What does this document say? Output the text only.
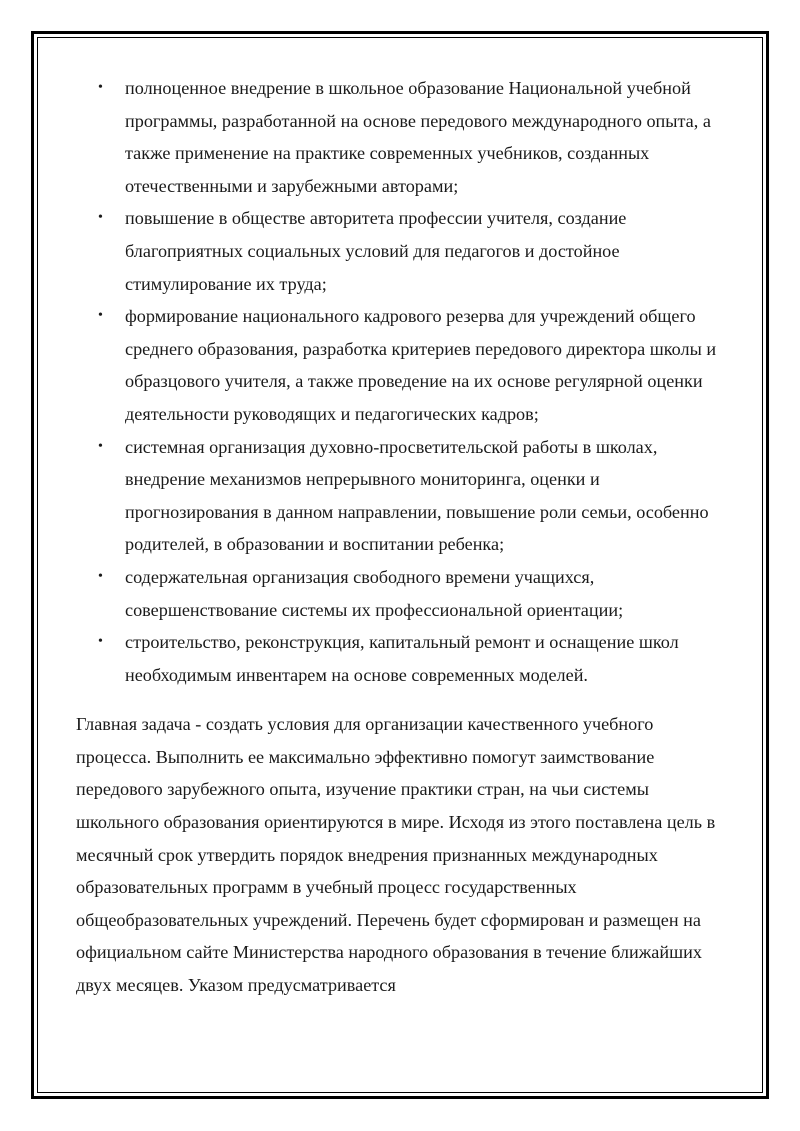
• полноценное внедрение в школьное образование Национальной учебной программы, разработанной на основе передового международного опыта, а также применение на практике современных учебников, созданных отечественными и зарубежными авторами;
• повышение в обществе авторитета профессии учителя, создание благоприятных социальных условий для педагогов и достойное стимулирование их труда;
• формирование национального кадрового резерва для учреждений общего среднего образования, разработка критериев передового директора школы и образцового учителя, а также проведение на их основе регулярной оценки деятельности руководящих и педагогических кадров;
• системная организация духовно-просветительской работы в школах, внедрение механизмов непрерывного мониторинга, оценки и прогнозирования в данном направлении, повышение роли семьи, особенно родителей, в образовании и воспитании ребенка;
• содержательная организация свободного времени учащихся, совершенствование системы их профессиональной ориентации;
• строительство, реконструкция, капитальный ремонт и оснащение школ необходимым инвентарем на основе современных моделей.

Главная задача - создать условия для организации качественного учебного процесса. Выполнить ее максимально эффективно помогут заимствование передового зарубежного опыта, изучение практики стран, на чьи системы школьного образования ориентируются в мире. Исходя из этого поставлена цель в месячный срок утвердить порядок внедрения признанных международных образовательных программ в учебный процесс государственных общеобразовательных учреждений. Перечень будет сформирован и размещен на официальном сайте Министерства народного образования в течение ближайших двух месяцев. Указом предусматривается
